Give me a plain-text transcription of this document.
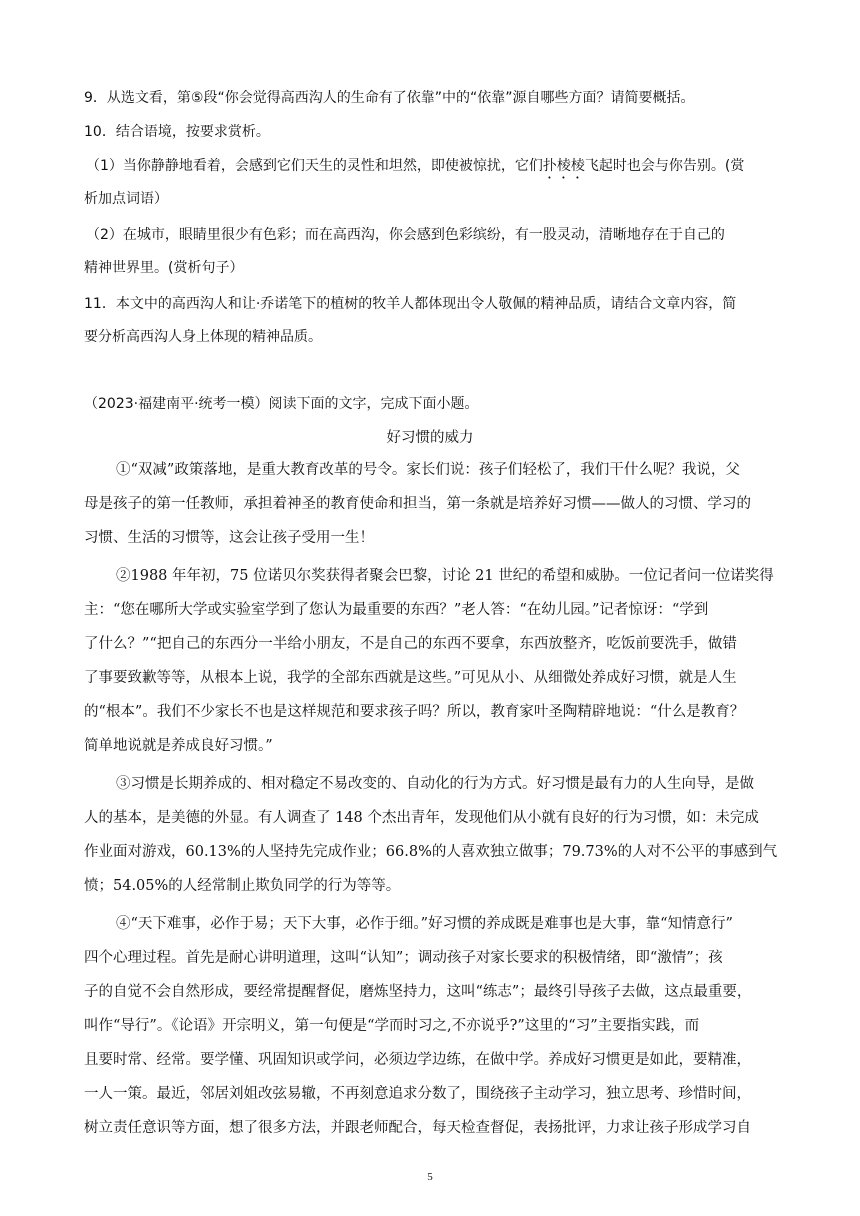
9．从选文看，第⑤段“你会觉得高西沟人的生命有了依靠”中的“依靠”源自哪些方面？请简要概括。
10．结合语境，按要求赏析。
（1）当你静静地看着，会感到它们天生的灵性和坦然，即使被惊扰，它们扑棱棱飞起时也会与你告别。(赏
析加点词语）
（2）在城市，眼睛里很少有色彩；而在高西沟，你会感到色彩缤纷，有一股灵动，清晰地存在于自己的
精神世界里。(赏析句子）
11．本文中的高西沟人和让·乔诺笔下的植树的牧羊人都体现出令人敬佩的精神品质，请结合文章内容，简
要分析高西沟人身上体现的精神品质。
（2023·福建南平·统考一模）阅读下面的文字，完成下面小题。
好习惯的威力
①“双减”政策落地，是重大教育改革的号令。家长们说：孩子们轻松了，我们干什么呢？我说，父
母是孩子的第一任教师，承担着神圣的教育使命和担当，第一条就是培养好习惯——做人的习惯、学习的
习惯、生活的习惯等，这会让孩子受用一生！
②1988 年年初，75 位诺贝尔奖获得者聚会巴黎，讨论 21 世纪的希望和威胁。一位记者问一位诺奖得
主：“您在哪所大学或实验室学到了您认为最重要的东西？”老人答：“在幼儿园。”记者惊讶：“学到
了什么？”“把自己的东西分一半给小朋友，不是自己的东西不要拿，东西放整齐，吃饭前要洗手，做错
了事要致歉等等，从根本上说，我学的全部东西就是这些。”可见从小、从细微处养成好习惯，就是人生
的“根本”。我们不少家长不也是这样规范和要求孩子吗？所以，教育家叶圣陶精辟地说：“什么是教育？
简单地说就是养成良好习惯。”
③习惯是长期养成的、相对稳定不易改变的、自动化的行为方式。好习惯是最有力的人生向导，是做
人的基本，是美德的外显。有人调查了 148 个杰出青年，发现他们从小就有良好的行为习惯，如：未完成
作业面对游戏，60.13%的人坚持先完成作业；66.8%的人喜欢独立做事；79.73%的人对不公平的事感到气
愤；54.05%的人经常制止欺负同学的行为等等。
④“天下难事，必作于易；天下大事，必作于细。”好习惯的养成既是难事也是大事，靠“知情意行”
四个心理过程。首先是耐心讲明道理，这叫“认知”；调动孩子对家长要求的积极情绪，即“激情”；孩
子的自觉不会自然形成，要经常提醒督促，磨炼坚持力，这叫“练志”；最终引导孩子去做，这点最重要，
叫作“导行”。《论语》开宗明义，第一句便是“学而时习之,不亦说乎?”这里的“习”主要指实践，而
且要时常、经常。要学懂、巩固知识或学问，必须边学边练，在做中学。养成好习惯更是如此，要精准，
一人一策。最近，邻居刘姐改弦易辙，不再刻意追求分数了，围绕孩子主动学习，独立思考、珍惜时间，
树立责任意识等方面，想了很多方法，并跟老师配合，每天检查督促，表扬批评，力求让孩子形成学习自
5
